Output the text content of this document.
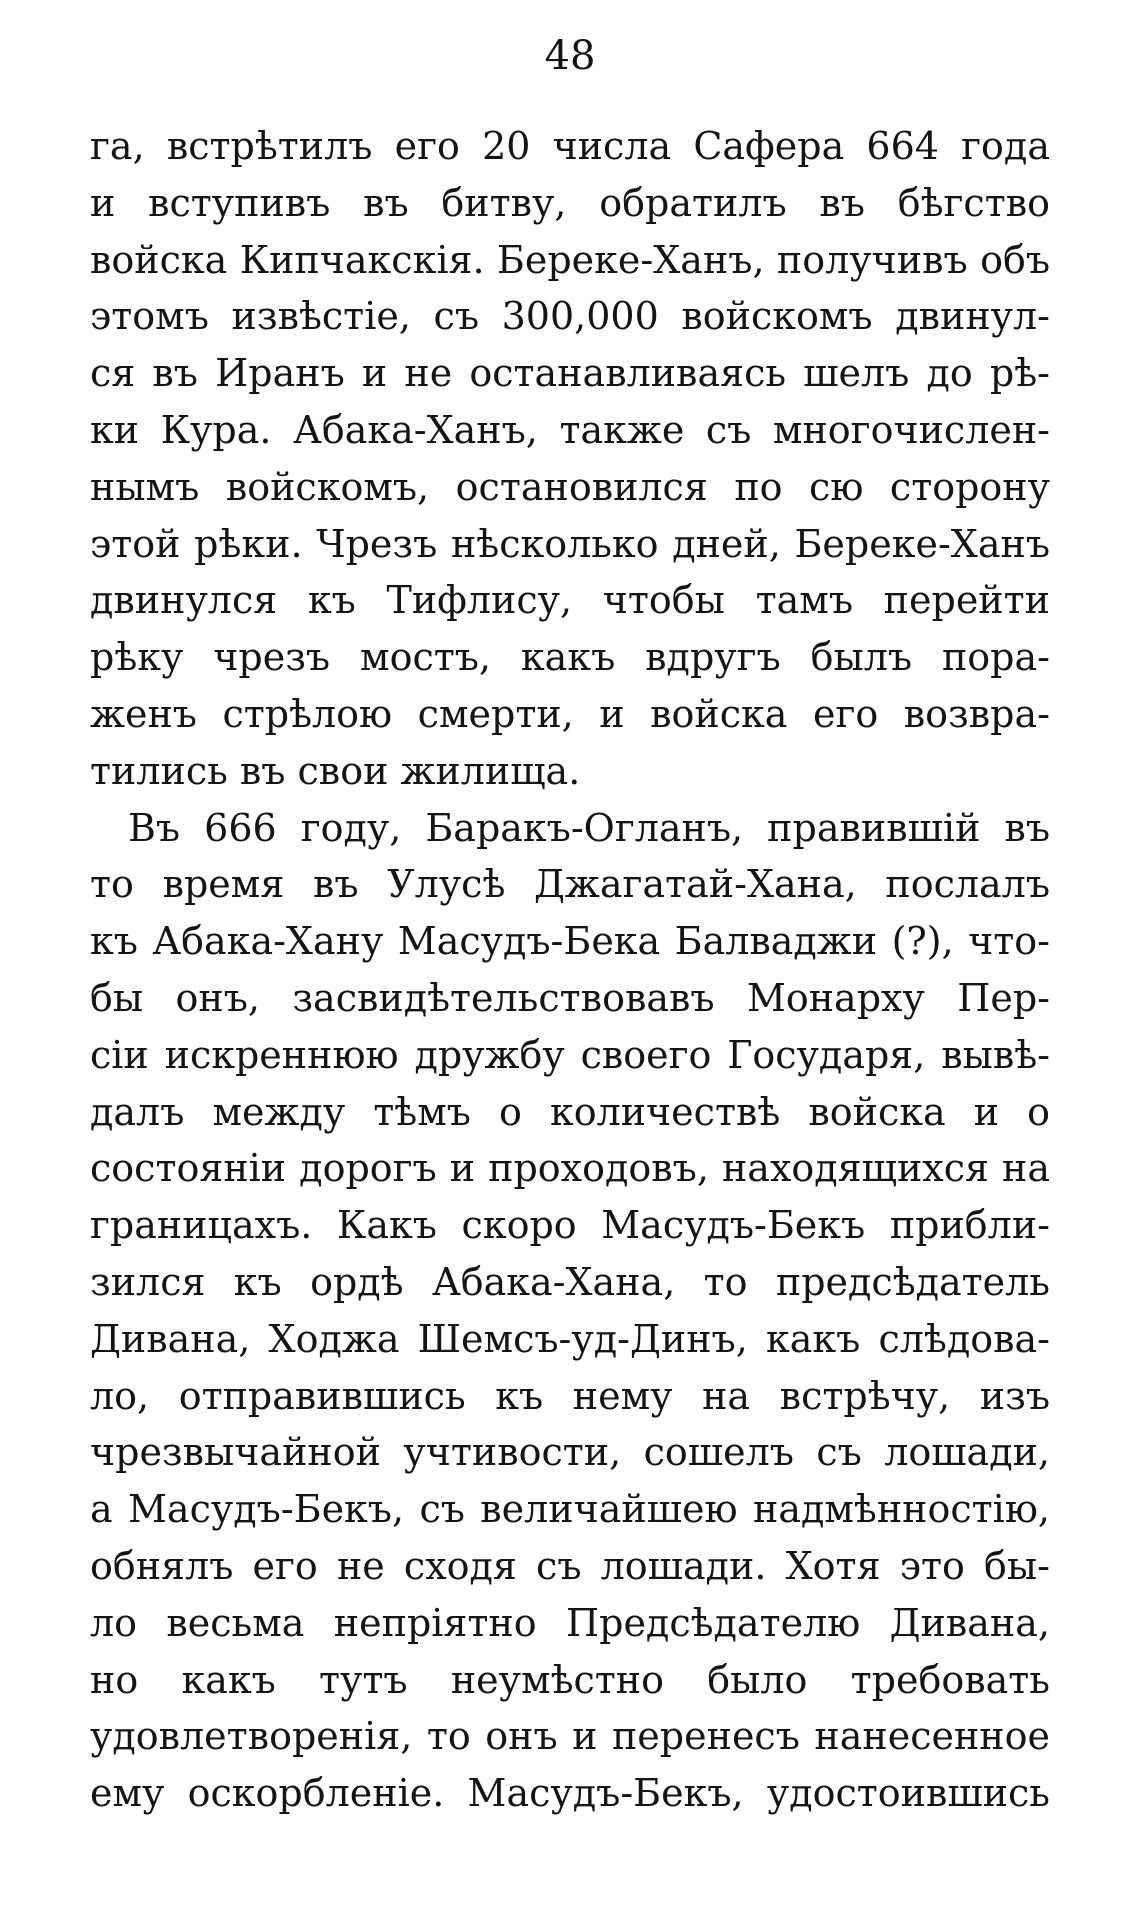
48
га, встрѣтилъ его 20 числа Сафера 664 года
и вступивъ въ битву, обратилъ въ бѣгство
войска Кипчакскія. Береке-Ханъ, получивъ объ
этомъ извѣстіе, съ 300,000 войскомъ двинул-
ся въ Иранъ и не останавливаясь шелъ до рѣ-
ки Кура. Абака-Ханъ, также съ многочислен-
нымъ войскомъ, остановился по сю сторону
этой рѣки. Чрезъ нѣсколько дней, Береке-Ханъ
двинулся къ Тифлису, чтобы тамъ перейти
рѣку чрезъ мостъ, какъ вдругъ былъ пора-
женъ стрѣлою смерти, и войска его возвра-
тились въ свои жилища.
Въ 666 году, Баракъ-Огланъ, правившій въ
то время въ Улусѣ Джагатай-Хана, послалъ
къ Абака-Хану Масудъ-Бека Балваджи (?), что-
бы онъ, засвидѣтельствовавъ Монарху Пер-
сіи искреннюю дружбу своего Государя, вывѣ-
далъ между тѣмъ о количествѣ войска и о
состояніи дорогъ и проходовъ, находящихся на
границахъ. Какъ скоро Масудъ-Бекъ прибли-
зился къ ордѣ Абака-Хана, то предсѣдатель
Дивана, Ходжа Шемсъ-уд-Динъ, какъ слѣдова-
ло, отправившись къ нему на встрѣчу, изъ
чрезвычайной учтивости, сошелъ съ лошади,
а Масудъ-Бекъ, съ величайшею надмѣнностію,
обнялъ его не сходя съ лошади. Хотя это бы-
ло весьма непріятно Предсѣдателю Дивана,
но какъ тутъ неумѣстно было требовать
удовлетворенія, то онъ и перенесъ нанесенное
ему оскорбленіе. Масудъ-Бекъ, удостоившись
